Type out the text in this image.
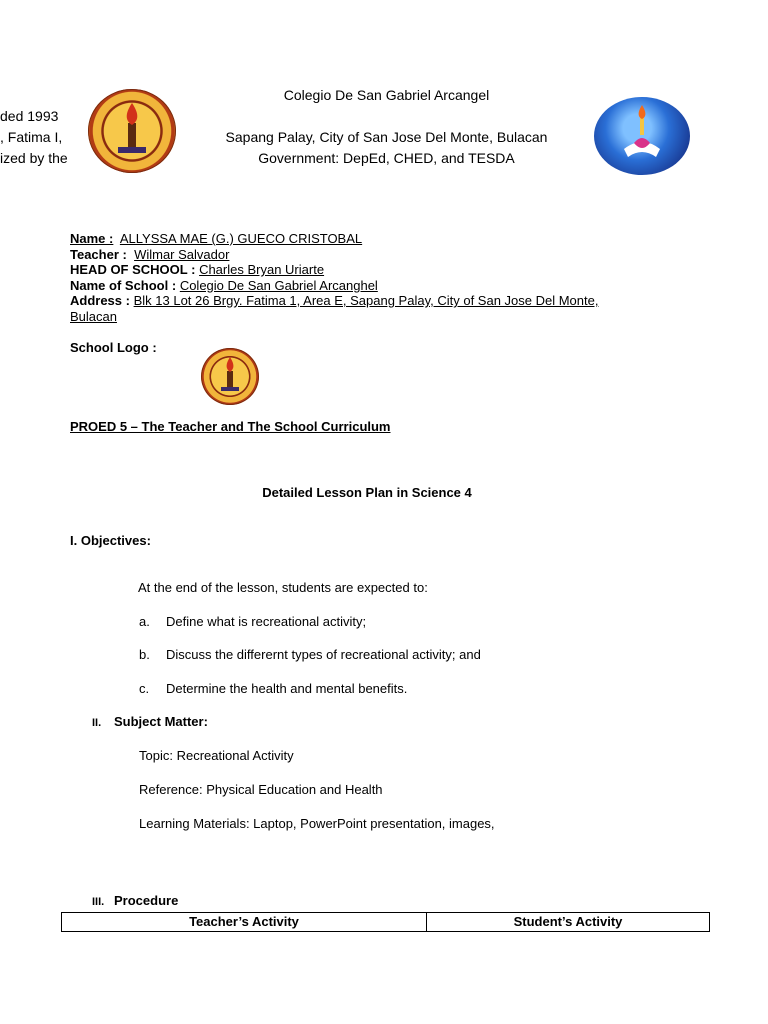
ded 1993
, Fatima I,
ized by the
Colegio De San Gabriel Arcangel
Sapang Palay, City of San Jose Del Monte, Bulacan
Government: DepEd, CHED, and TESDA
Name : ALLYSSA MAE (G.) GUECO CRISTOBAL
Teacher : Wilmar Salvador
HEAD OF SCHOOL : Charles Bryan Uriarte
Name of School : Colegio De San Gabriel Arcanghel
Address : Blk 13 Lot 26 Brgy. Fatima 1, Area E, Sapang Palay, City of San Jose Del Monte,
Bulacan
School Logo :
PROED 5 – The Teacher and The School Curriculum
Detailed Lesson Plan in Science 4
I. Objectives:
At the end of the lesson, students are expected to:
a. Define what is recreational activity;
b. Discuss the differernt types of recreational activity; and
c. Determine the health and mental benefits.
II. Subject Matter:
Topic: Recreational Activity
Reference: Physical Education and Health
Learning Materials: Laptop, PowerPoint presentation, images,
III. Procedure
Teacher’s Activity	Student’s Activity
